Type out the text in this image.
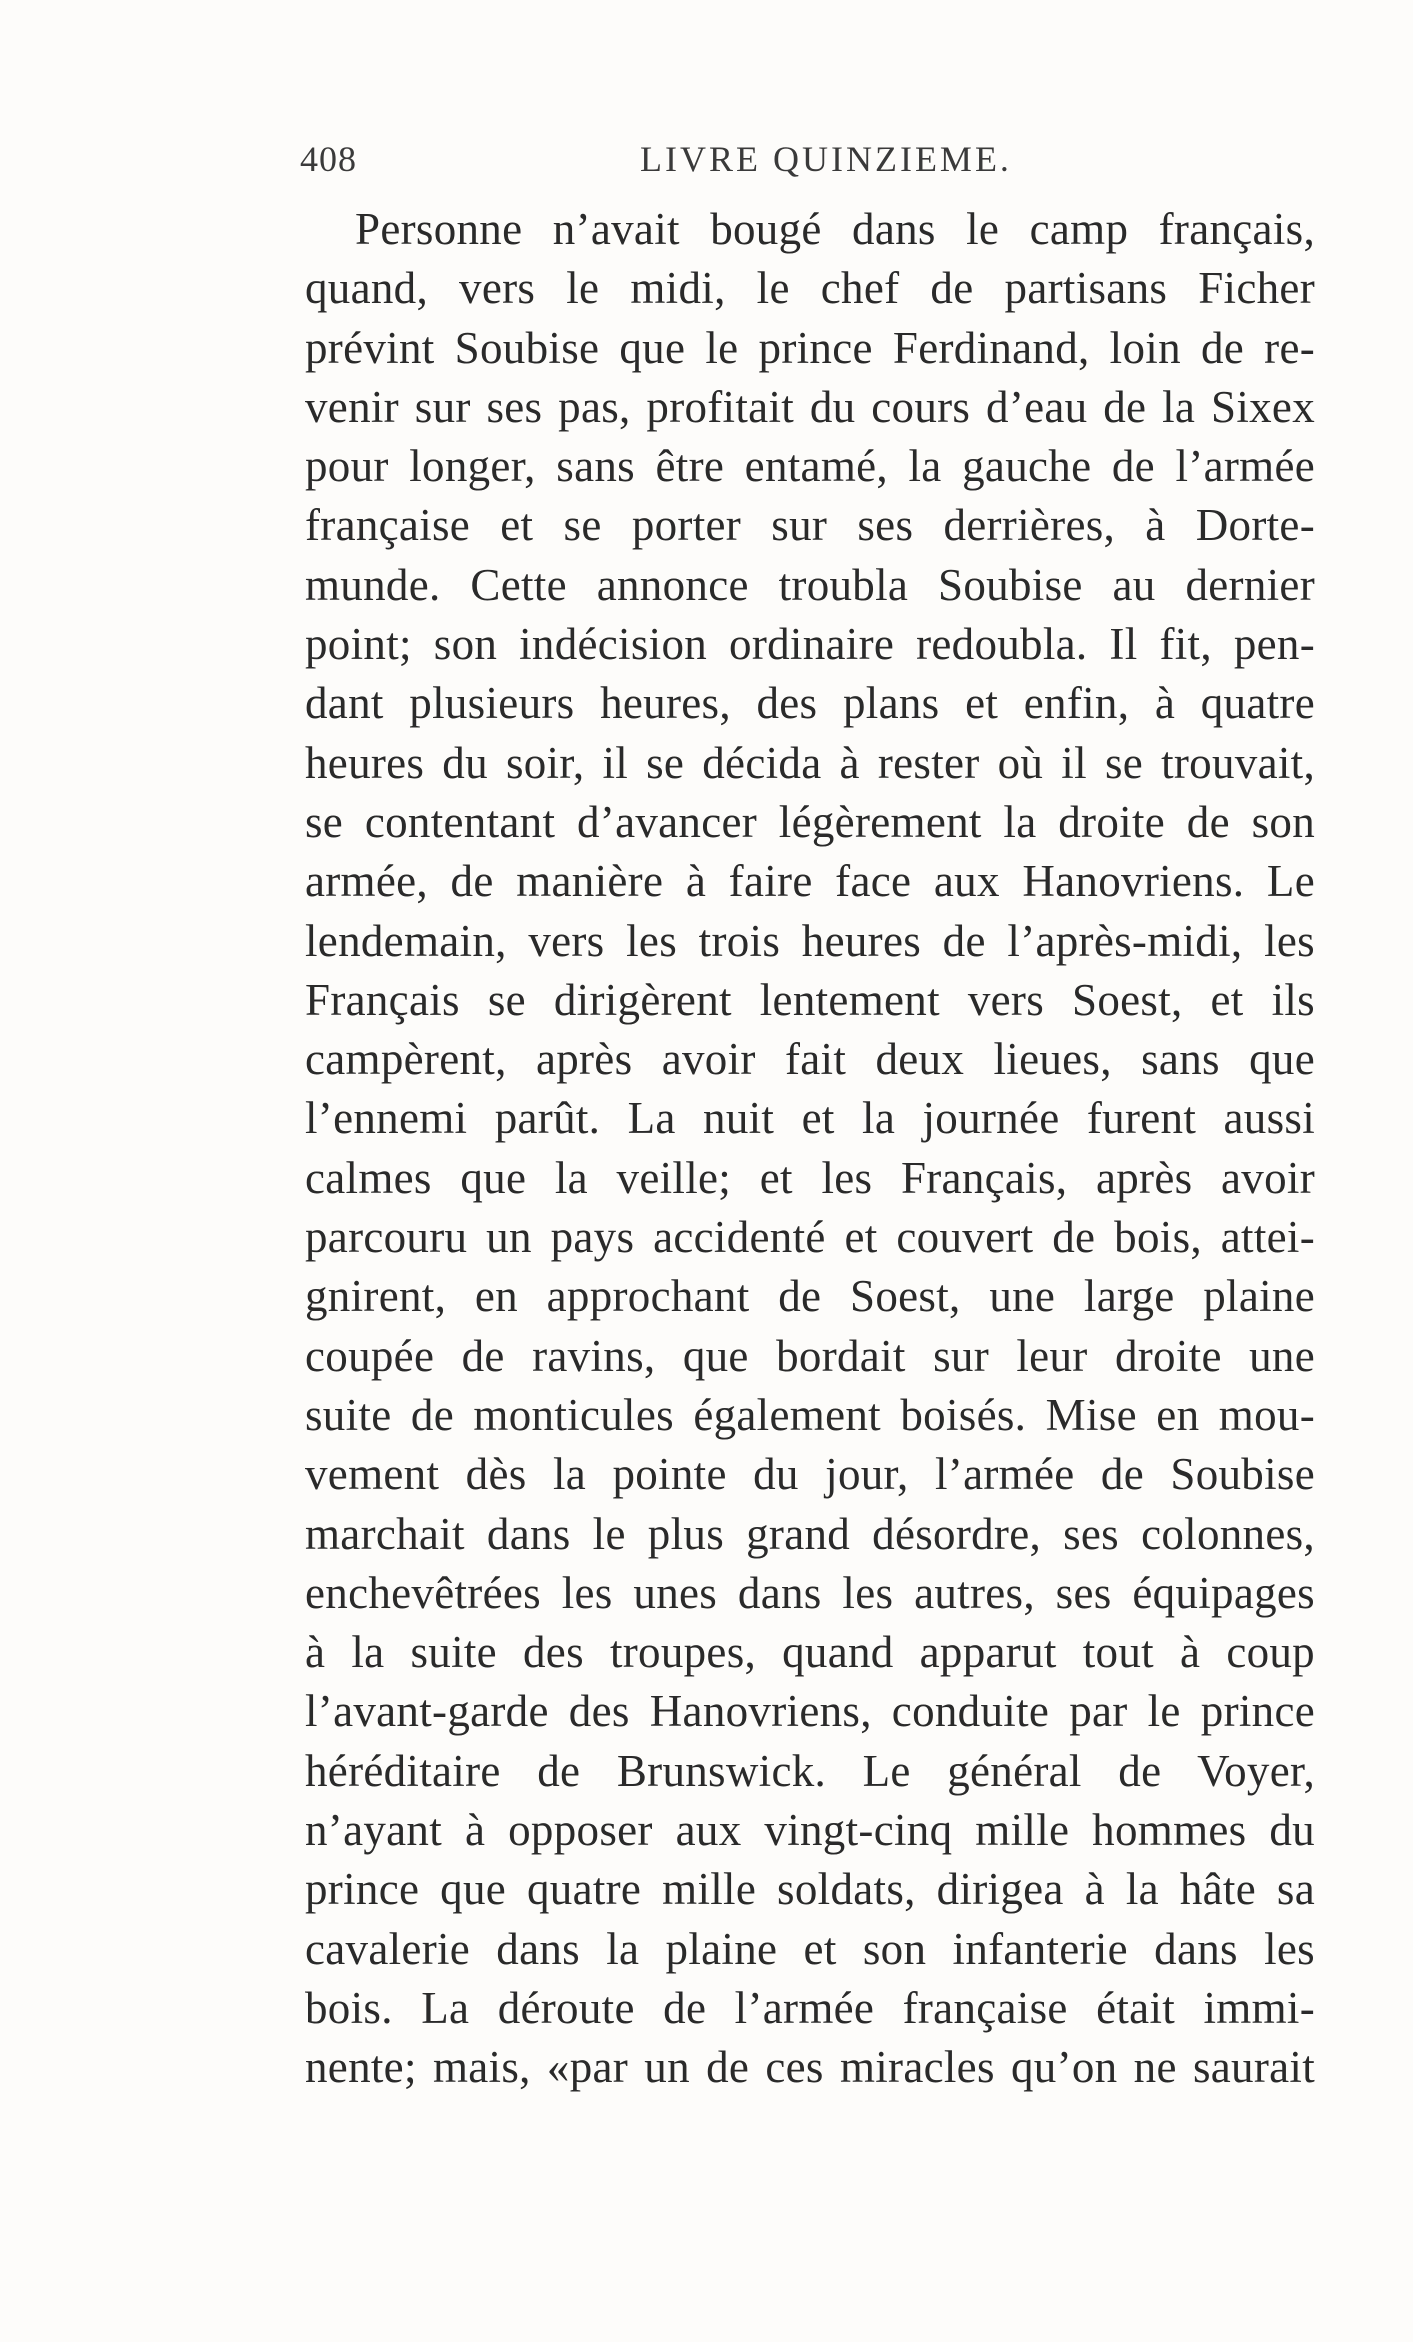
408	LIVRE QUINZIEME.
Personne n’avait bougé dans le camp français,
quand, vers le midi, le chef de partisans Ficher
prévint Soubise que le prince Ferdinand, loin de re-
venir sur ses pas, profitait du cours d’eau de la Sixex
pour longer, sans être entamé, la gauche de l’armée
française et se porter sur ses derrières, à Dorte-
munde. Cette annonce troubla Soubise au dernier
point; son indécision ordinaire redoubla. Il fit, pen-
dant plusieurs heures, des plans et enfin, à quatre
heures du soir, il se décida à rester où il se trouvait,
se contentant d’avancer légèrement la droite de son
armée, de manière à faire face aux Hanovriens. Le
lendemain, vers les trois heures de l’après-midi, les
Français se dirigèrent lentement vers Soest, et ils
campèrent, après avoir fait deux lieues, sans que
l’ennemi parût. La nuit et la journée furent aussi
calmes que la veille; et les Français, après avoir
parcouru un pays accidenté et couvert de bois, attei-
gnirent, en approchant de Soest, une large plaine
coupée de ravins, que bordait sur leur droite une
suite de monticules également boisés. Mise en mou-
vement dès la pointe du jour, l’armée de Soubise
marchait dans le plus grand désordre, ses colonnes,
enchevêtrées les unes dans les autres, ses équipages
à la suite des troupes, quand apparut tout à coup
l’avant-garde des Hanovriens, conduite par le prince
héréditaire de Brunswick. Le général de Voyer,
n’ayant à opposer aux vingt-cinq mille hommes du
prince que quatre mille soldats, dirigea à la hâte sa
cavalerie dans la plaine et son infanterie dans les
bois. La déroute de l’armée française était immi-
nente; mais, «par un de ces miracles qu’on ne saurait
